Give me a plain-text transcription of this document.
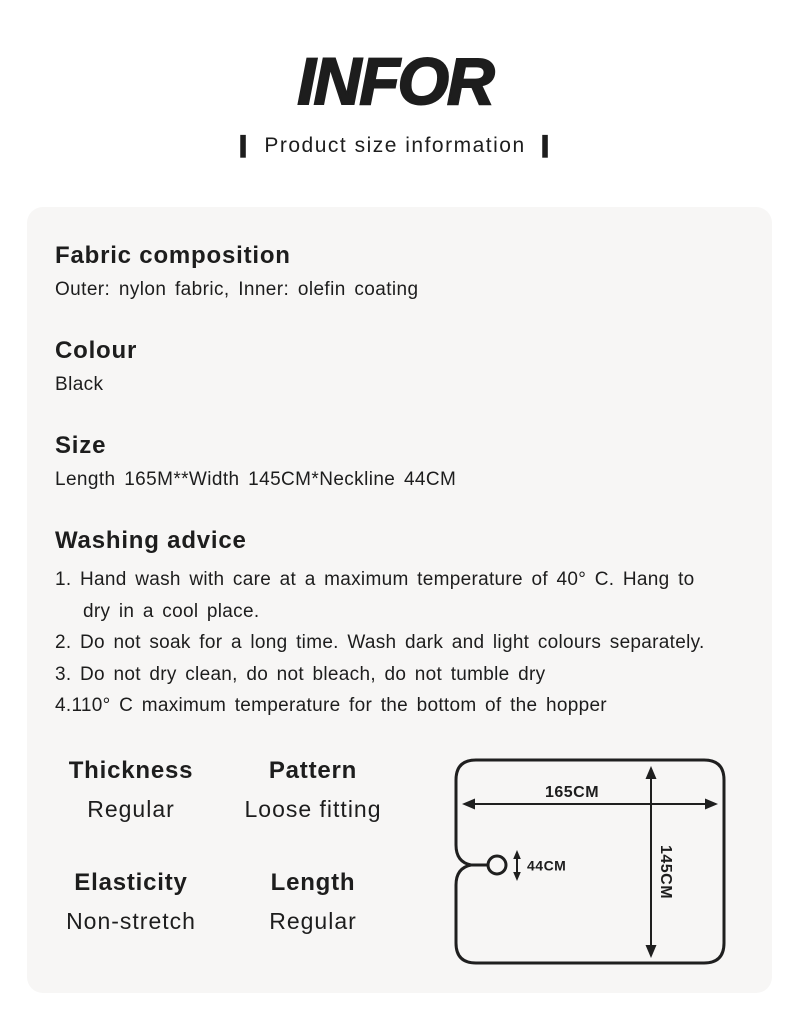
INFOR
❙ Product size information ❙
Fabric composition
Outer: nylon fabric, Inner: olefin coating
Colour
Black
Size
Length 165M**Width 145CM*Neckline 44CM
Washing advice
1. Hand wash with care at a maximum temperature of 40° C. Hang to
dry in a cool place.
2. Do not soak for a long time. Wash dark and light colours separately.
3. Do not dry clean, do not bleach, do not tumble dry
4.110° C maximum temperature for the bottom of the hopper
Thickness
Regular
Pattern
Loose fitting
Elasticity
Non-stretch
Length
Regular
165CM
145CM
44CM
